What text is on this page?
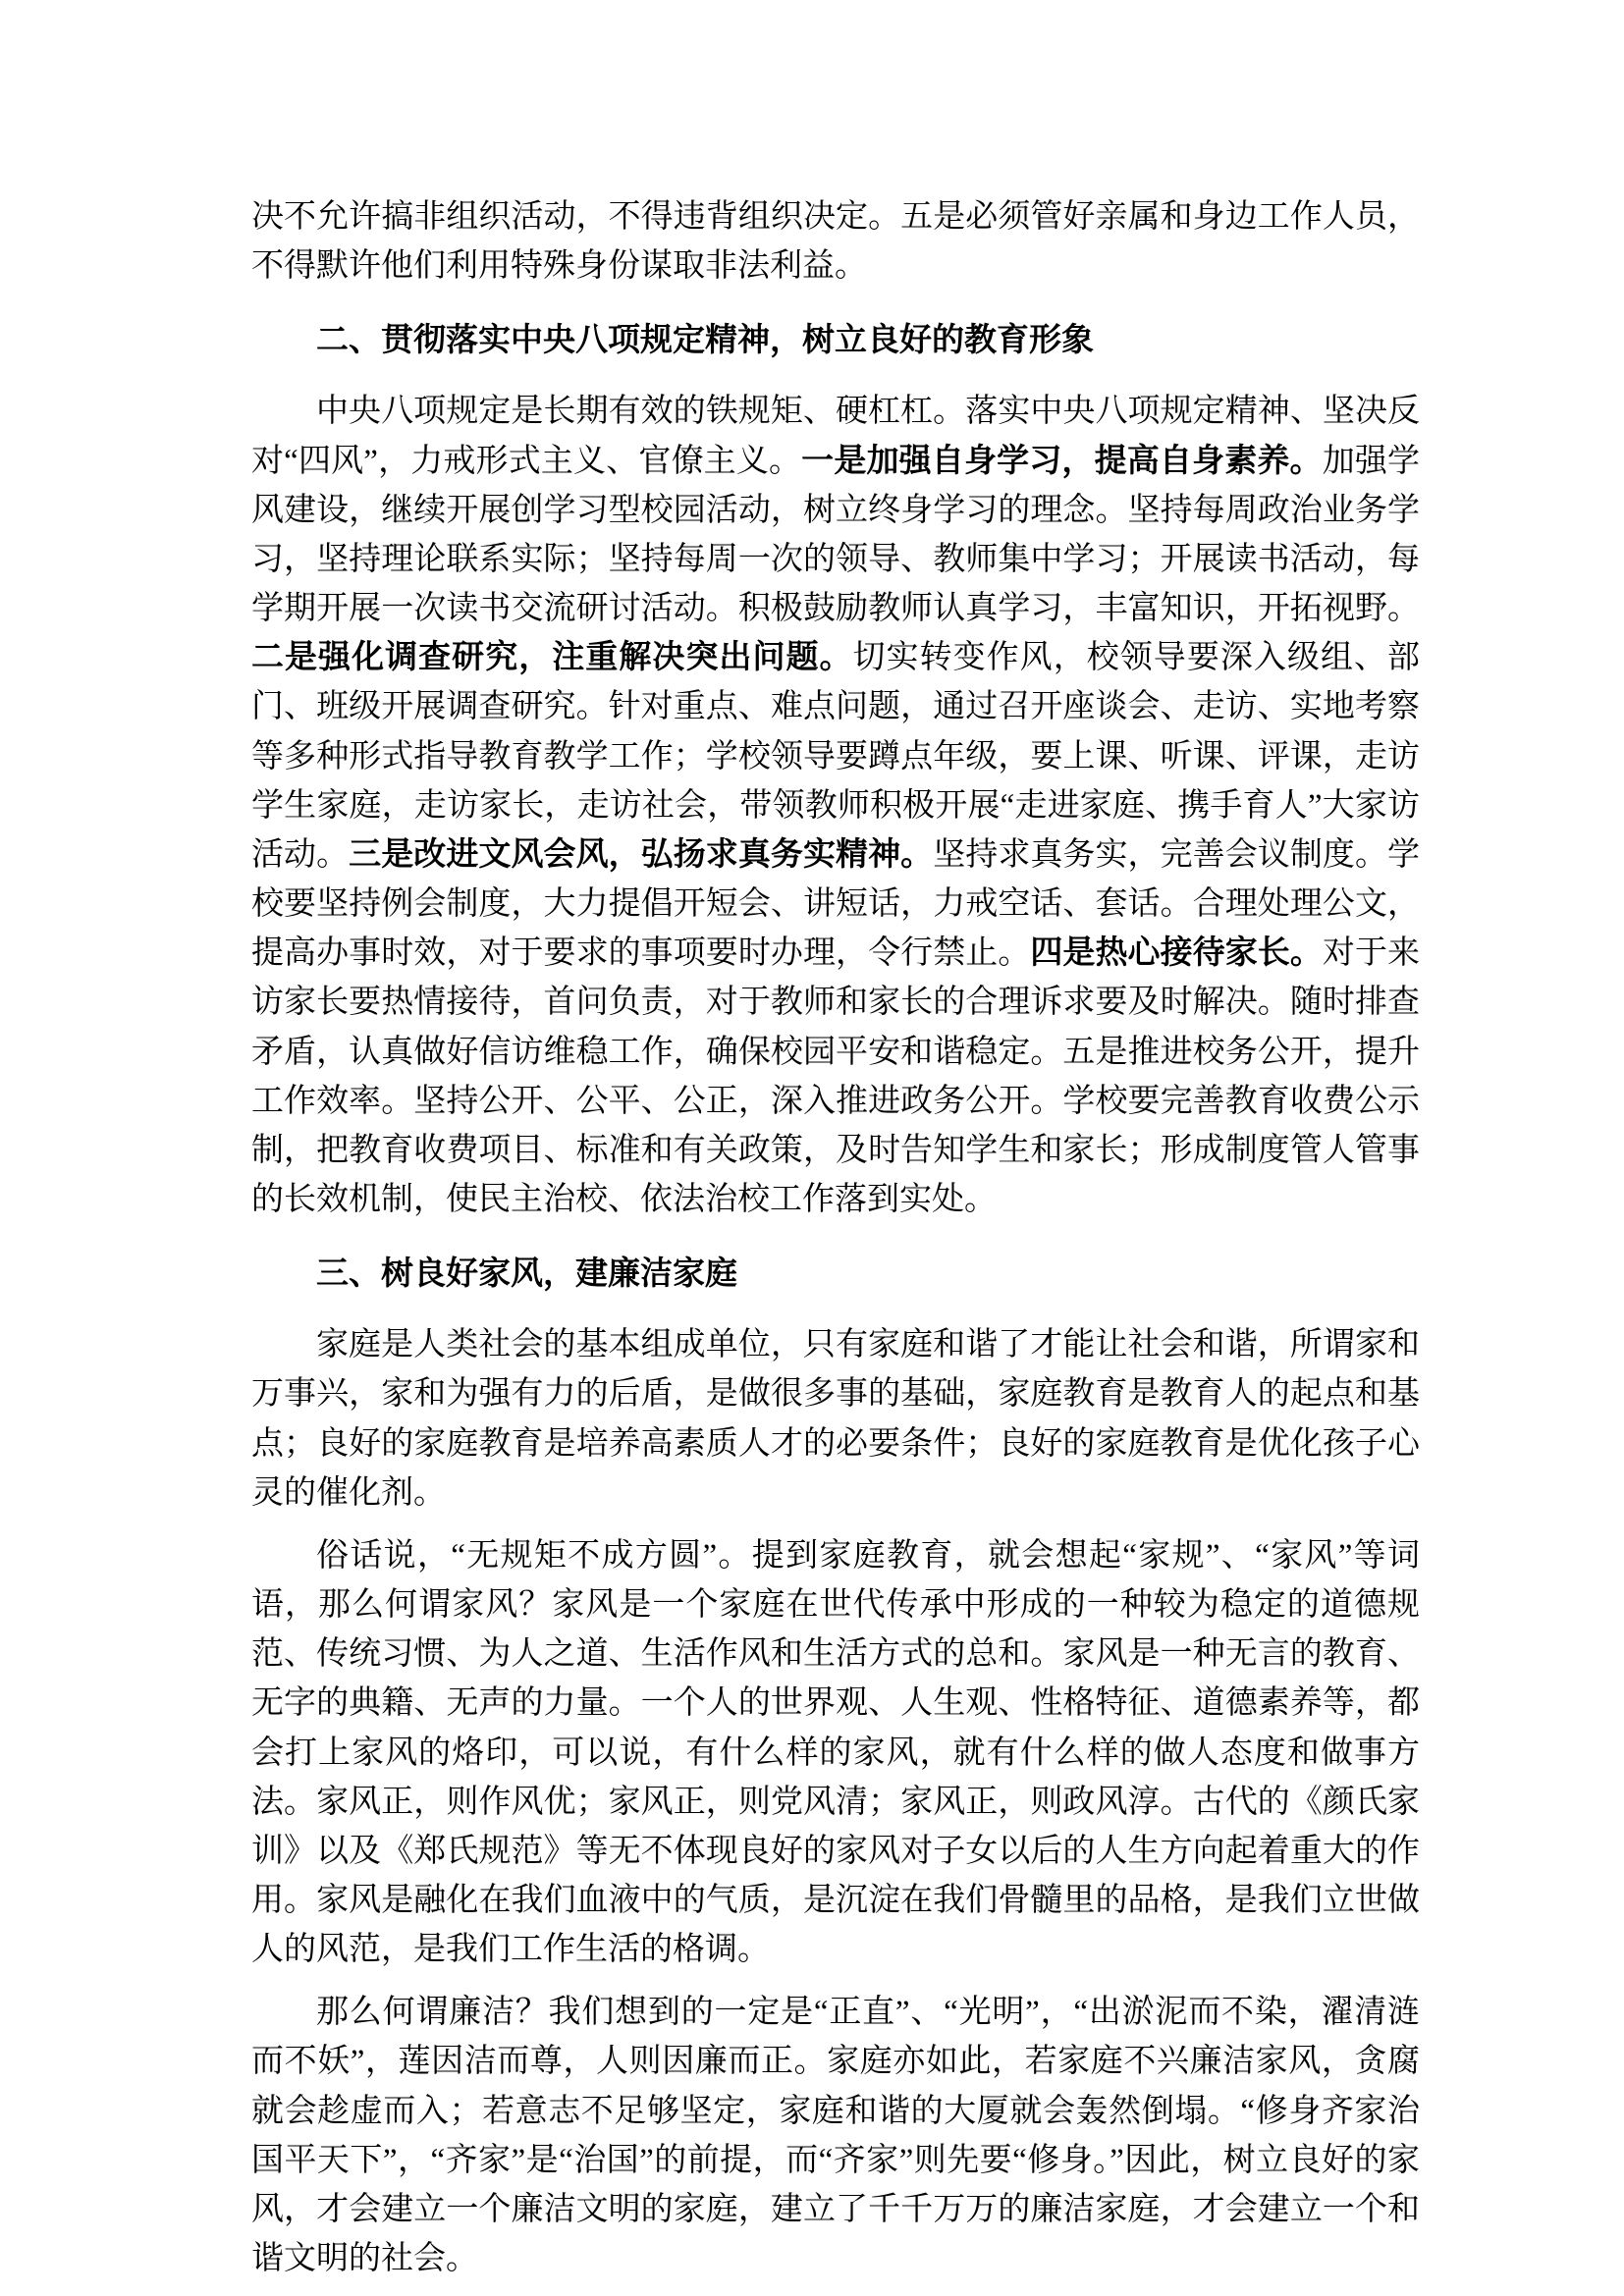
决不允许搞非组织活动，不得违背组织决定。五是必须管好亲属和身边工作人员，不得默许他们利用特殊身份谋取非法利益。

二、贯彻落实中央八项规定精神，树立良好的教育形象

中央八项规定是长期有效的铁规矩、硬杠杠。落实中央八项规定精神、坚决反对“四风”，力戒形式主义、官僚主义。一是加强自身学习，提高自身素养。加强学风建设，继续开展创学习型校园活动，树立终身学习的理念。坚持每周政治业务学习，坚持理论联系实际；坚持每周一次的领导、教师集中学习；开展读书活动，每学期开展一次读书交流研讨活动。积极鼓励教师认真学习，丰富知识，开拓视野。二是强化调查研究，注重解决突出问题。切实转变作风，校领导要深入级组、部门、班级开展调查研究。针对重点、难点问题，通过召开座谈会、走访、实地考察等多种形式指导教育教学工作；学校领导要蹲点年级，要上课、听课、评课，走访学生家庭，走访家长，走访社会，带领教师积极开展“走进家庭、携手育人”大家访活动。三是改进文风会风，弘扬求真务实精神。坚持求真务实，完善会议制度。学校要坚持例会制度，大力提倡开短会、讲短话，力戒空话、套话。合理处理公文，提高办事时效，对于要求的事项要时办理，令行禁止。四是热心接待家长。对于来访家长要热情接待，首问负责，对于教师和家长的合理诉求要及时解决。随时排查矛盾，认真做好信访维稳工作，确保校园平安和谐稳定。五是推进校务公开，提升工作效率。坚持公开、公平、公正，深入推进政务公开。学校要完善教育收费公示制，把教育收费项目、标准和有关政策，及时告知学生和家长；形成制度管人管事的长效机制，使民主治校、依法治校工作落到实处。

三、树良好家风，建廉洁家庭

家庭是人类社会的基本组成单位，只有家庭和谐了才能让社会和谐，所谓家和万事兴，家和为强有力的后盾，是做很多事的基础，家庭教育是教育人的起点和基点；良好的家庭教育是培养高素质人才的必要条件；良好的家庭教育是优化孩子心灵的催化剂。

俗话说，“无规矩不成方圆”。提到家庭教育，就会想起“家规”、“家风”等词语，那么何谓家风？家风是一个家庭在世代传承中形成的一种较为稳定的道德规范、传统习惯、为人之道、生活作风和生活方式的总和。家风是一种无言的教育、无字的典籍、无声的力量。一个人的世界观、人生观、性格特征、道德素养等，都会打上家风的烙印，可以说，有什么样的家风，就有什么样的做人态度和做事方法。家风正，则作风优；家风正，则党风清；家风正，则政风淳。古代的《颜氏家训》以及《郑氏规范》等无不体现良好的家风对子女以后的人生方向起着重大的作用。家风是融化在我们血液中的气质，是沉淀在我们骨髓里的品格，是我们立世做人的风范，是我们工作生活的格调。

那么何谓廉洁？我们想到的一定是“正直”、“光明”，“出淤泥而不染，濯清涟而不妖”，莲因洁而尊，人则因廉而正。家庭亦如此，若家庭不兴廉洁家风，贪腐就会趁虚而入；若意志不足够坚定，家庭和谐的大厦就会轰然倒塌。“修身齐家治国平天下”，“齐家”是“治国”的前提，而“齐家”则先要“修身。”因此，树立良好的家风，才会建立一个廉洁文明的家庭，建立了千千万万的廉洁家庭，才会建立一个和谐文明的社会。
